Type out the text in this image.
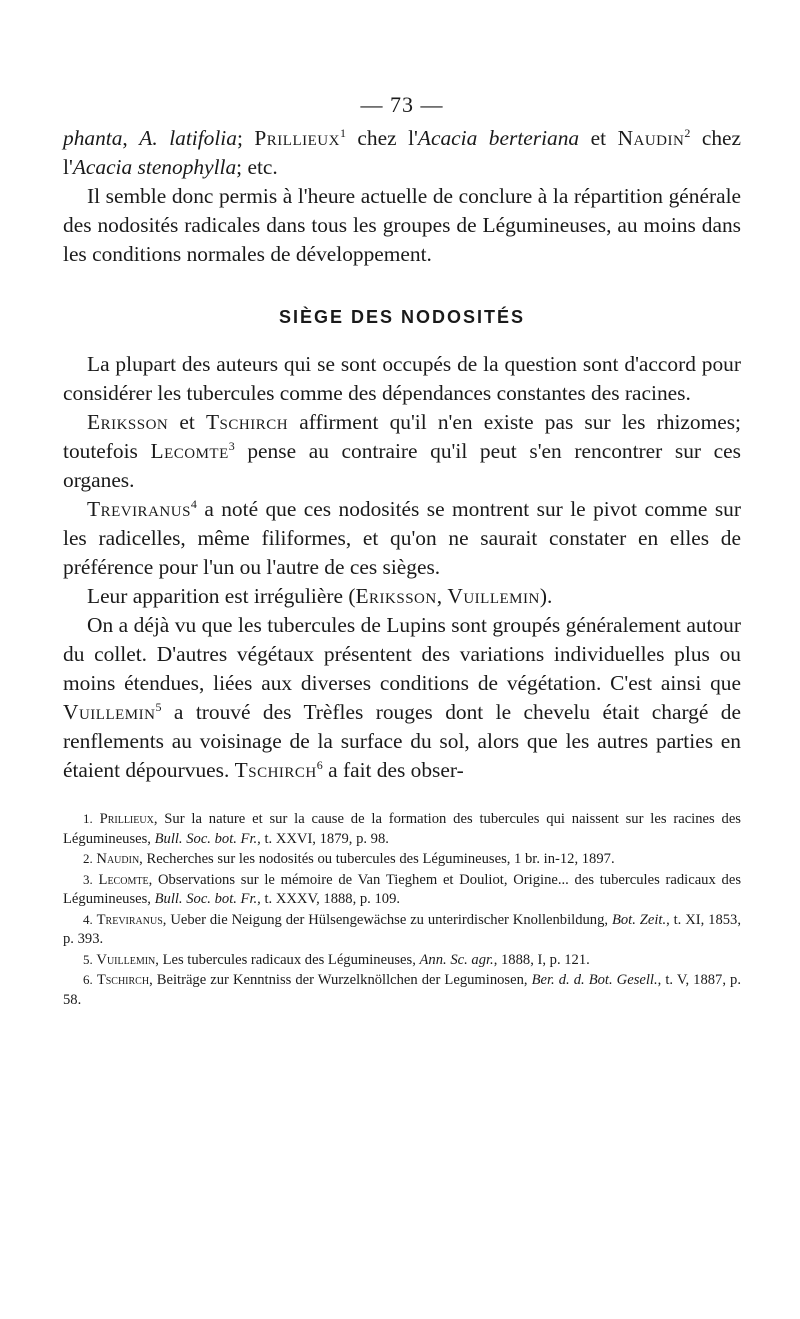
— 73 —

phanta, A. latifolia; Prillieux$^1$ chez l'Acacia berteriana et Naudin$^2$ chez l'Acacia stenophylla; etc.

Il semble donc permis à l'heure actuelle de conclure à la répartition générale des nodosités radicales dans tous les groupes de Légumineuses, au moins dans les conditions normales de développement.

SIÈGE DES NODOSITÉS

La plupart des auteurs qui se sont occupés de la question sont d'accord pour considérer les tubercules comme des dépendances constantes des racines.

Eriksson et Tschirch affirment qu'il n'en existe pas sur les rhizomes; toutefois Lecomte$^3$ pense au contraire qu'il peut s'en rencontrer sur ces organes.

Treviranus$^4$ a noté que ces nodosités se montrent sur le pivot comme sur les radicelles, même filiformes, et qu'on ne saurait constater en elles de préférence pour l'un ou l'autre de ces sièges.

Leur apparition est irrégulière (Eriksson, Vuillemin).

On a déjà vu que les tubercules de Lupins sont groupés généralement autour du collet. D'autres végétaux présentent des variations individuelles plus ou moins étendues, liées aux diverses conditions de végétation. C'est ainsi que Vuillemin$^5$ a trouvé des Trèfles rouges dont le chevelu était chargé de renflements au voisinage de la surface du sol, alors que les autres parties en étaient dépourvues. Tschirch$^6$ a fait des obser-

1. Prillieux, Sur la nature et sur la cause de la formation des tubercules qui naissent sur les racines des Légumineuses, Bull. Soc. bot. Fr., t. XXVI, 1879, p. 98.

2. Naudin, Recherches sur les nodosités ou tubercules des Légumineuses, 1 br. in-12, 1897.

3. Lecomte, Observations sur le mémoire de Van Tieghem et Douliot, Origine... des tubercules radicaux des Légumineuses, Bull. Soc. bot. Fr., t. XXXV, 1888, p. 109.

4. Treviranus, Ueber die Neigung der Hülsengewächse zu unterirdischer Knollenbildung, Bot. Zeit., t. XI, 1853, p. 393.

5. Vuillemin, Les tubercules radicaux des Légumineuses, Ann. Sc. agr., 1888, I, p. 121.

6. Tschirch, Beiträge zur Kenntniss der Wurzelknöllchen der Leguminosen, Ber. d. d. Bot. Gesell., t. V, 1887, p. 58.
